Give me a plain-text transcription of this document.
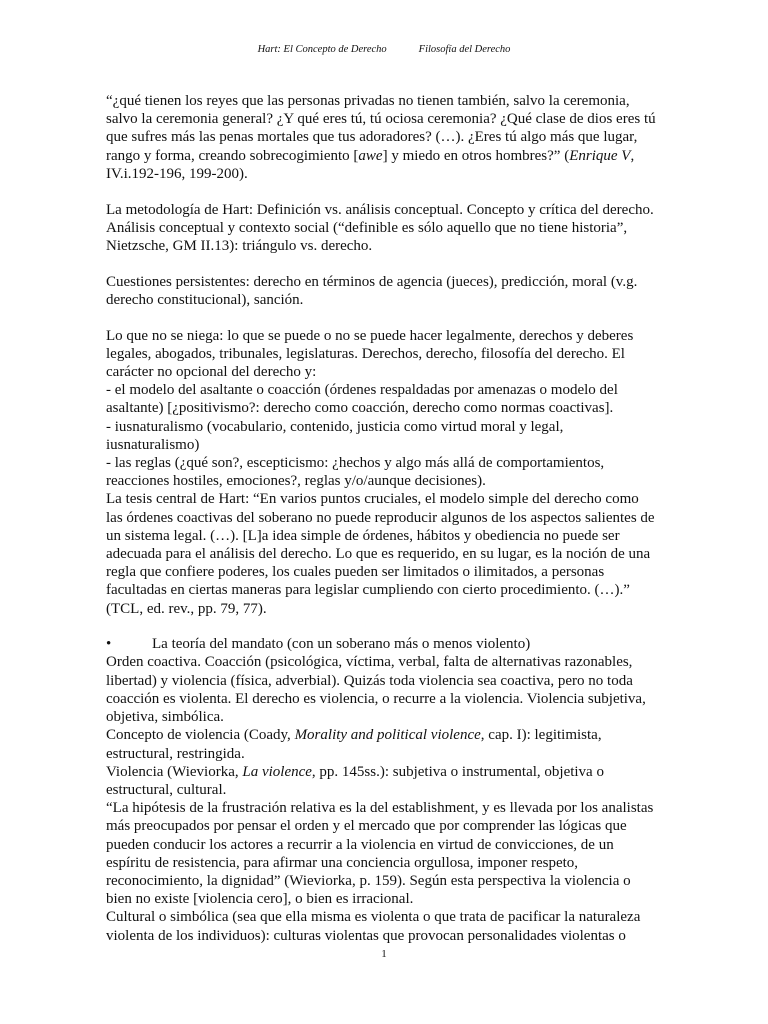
Hart: El Concepto de Derecho	Filosofía del Derecho
“¿qué tienen los reyes que las personas privadas no tienen también, salvo la ceremonia,
salvo la ceremonia general? ¿Y qué eres tú, tú ociosa ceremonia? ¿Qué clase de dios eres tú
que sufres más las penas mortales que tus adoradores? (…). ¿Eres tú algo más que lugar,
rango y forma, creando sobrecogimiento [awe] y miedo en otros hombres?” (Enrique V,
IV.i.192-196, 199-200).
La metodología de Hart: Definición vs. análisis conceptual. Concepto y crítica del derecho.
Análisis conceptual y contexto social (“definible es sólo aquello que no tiene historia”,
Nietzsche, GM II.13): triángulo vs. derecho.
Cuestiones persistentes: derecho en términos de agencia (jueces), predicción, moral (v.g.
derecho constitucional), sanción.
Lo que no se niega: lo que se puede o no se puede hacer legalmente, derechos y deberes
legales, abogados, tribunales, legislaturas. Derechos, derecho, filosofía del derecho. El
carácter no opcional del derecho y:
- el modelo del asaltante o coacción (órdenes respaldadas por amenazas o modelo del
asaltante) [¿positivismo?: derecho como coacción, derecho como normas coactivas].
- iusnaturalismo (vocabulario, contenido, justicia como virtud moral y legal,
iusnaturalismo)
- las reglas (¿qué son?, escepticismo: ¿hechos y algo más allá de comportamientos,
reacciones hostiles, emociones?, reglas y/o/aunque decisiones).
La tesis central de Hart: “En varios puntos cruciales, el modelo simple del derecho como
las órdenes coactivas del soberano no puede reproducir algunos de los aspectos salientes de
un sistema legal. (…). [L]a idea simple de órdenes, hábitos y obediencia no puede ser
adecuada para el análisis del derecho. Lo que es requerido, en su lugar, es la noción de una
regla que confiere poderes, los cuales pueden ser limitados o ilimitados, a personas
facultadas en ciertas maneras para legislar cumpliendo con cierto procedimiento. (…).”
(TCL, ed. rev., pp. 79, 77).
•	La teoría del mandato (con un soberano más o menos violento)
Orden coactiva. Coacción (psicológica, víctima, verbal, falta de alternativas razonables,
libertad) y violencia (física, adverbial). Quizás toda violencia sea coactiva, pero no toda
coacción es violenta. El derecho es violencia, o recurre a la violencia. Violencia subjetiva,
objetiva, simbólica.
Concepto de violencia (Coady, Morality and political violence, cap. I): legitimista,
estructural, restringida.
Violencia (Wieviorka, La violence, pp. 145ss.): subjetiva o instrumental, objetiva o
estructural, cultural.
“La hipótesis de la frustración relativa es la del establishment, y es llevada por los analistas
más preocupados por pensar el orden y el mercado que por comprender las lógicas que
pueden conducir los actores a recurrir a la violencia en virtud de convicciones, de un
espíritu de resistencia, para afirmar una conciencia orgullosa, imponer respeto,
reconocimiento, la dignidad” (Wieviorka, p. 159). Según esta perspectiva la violencia o
bien no existe [violencia cero], o bien es irracional.
Cultural o simbólica (sea que ella misma es violenta o que trata de pacificar la naturaleza
violenta de los individuos): culturas violentas que provocan personalidades violentas o
1
